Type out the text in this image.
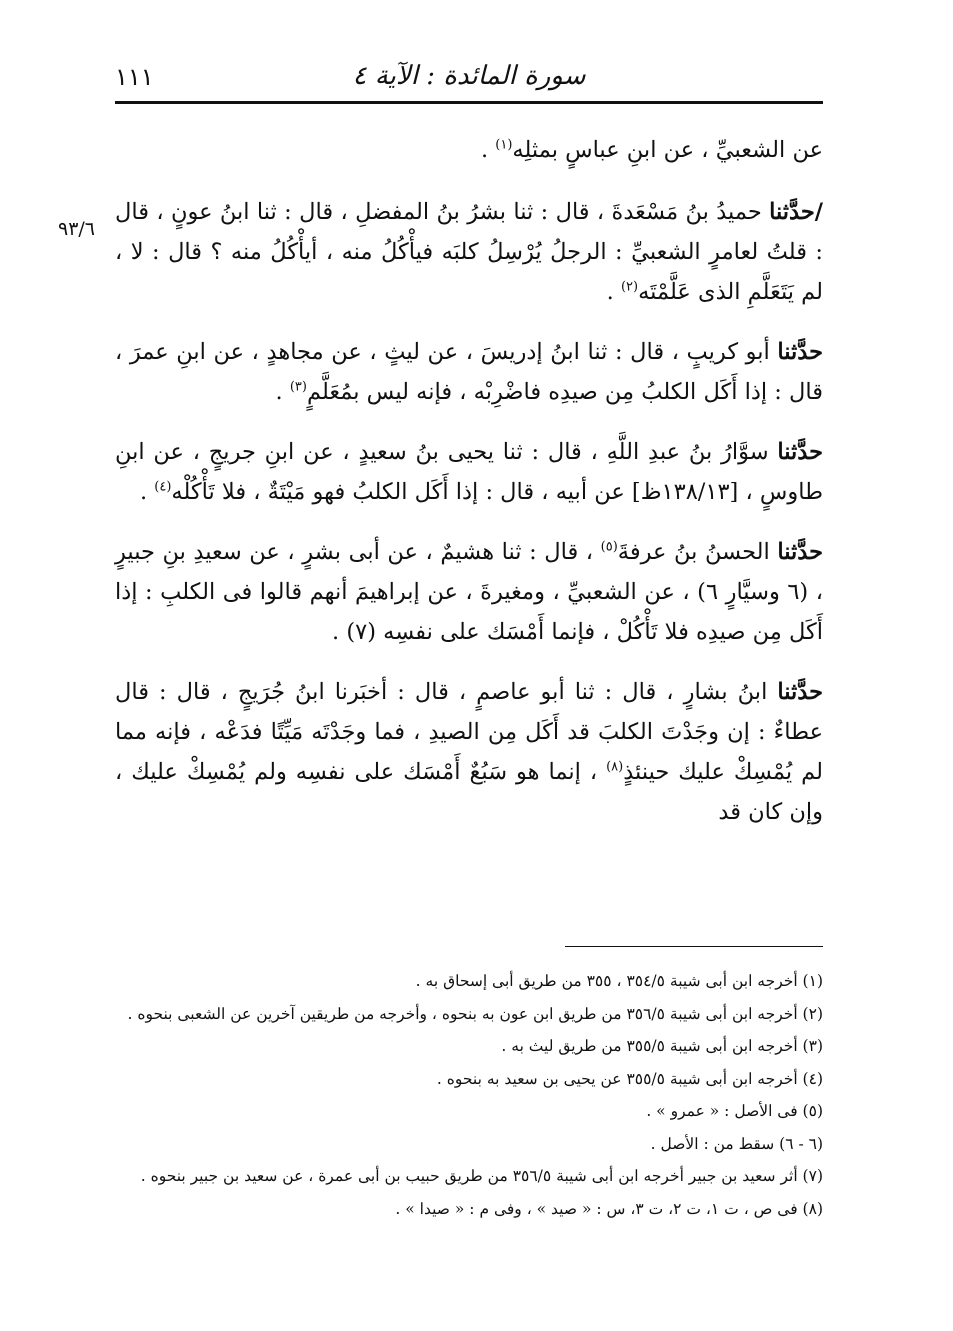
سورة المائدة : الآية ٤
١١١
٩٣/٦

عن الشعبيِّ ، عن ابنِ عباسٍ بمثلِه$^{(١)}$ .

/حدَّثنا حميدُ بنُ مَسْعَدةَ ، قال : ثنا بشرُ بنُ المفضلِ ، قال : ثنا ابنُ عونٍ ، قال : قلتُ لعامرٍ الشعبيِّ : الرجلُ يُرْسِلُ كلبَه فيأْكُلُ منه ، أيأْكُلُ منه ؟ قال : لا ، لم يَتَعَلَّمِ الذى عَلَّمْتَه$^{(٢)}$ .

حدَّثنا أبو كريبٍ ، قال : ثنا ابنُ إدريسَ ، عن ليثٍ ، عن مجاهدٍ ، عن ابنِ عمرَ ، قال : إذا أَكَل الكلبُ مِن صيدِه فاضْرِبْه ، فإنه ليس بمُعَلَّمٍ$^{(٣)}$ .

حدَّثنا سوَّارُ بنُ عبدِ اللَّهِ ، قال : ثنا يحيى بنُ سعيدٍ ، عن ابنِ جريجٍ ، عن ابنِ طاوسٍ ، [١٣٨/١٣ظ] عن أبيه ، قال : إذا أَكَل الكلبُ فهو مَيْتَةٌ ، فلا تَأْكُلْه$^{(٤)}$ .

حدَّثنا الحسنُ بنُ عرفةَ$^{(٥)}$ ، قال : ثنا هشيمٌ ، عن أبى بشرٍ ، عن سعيدِ بنِ جبيرٍ ، (٦ وسيَّارٍ ٦) ، عن الشعبيِّ ، ومغيرةَ ، عن إبراهيمَ أنهم قالوا فى الكلبِ : إذا أَكَل مِن صيدِه فلا تَأْكُلْ ، فإنما أَمْسَك على نفسِه (٧) .

حدَّثنا ابنُ بشارٍ ، قال : ثنا أبو عاصمٍ ، قال : أخبَرنا ابنُ جُرَيجٍ ، قال : قال عطاءٌ : إن وجَدْتَ الكلبَ قد أَكَل مِن الصيدِ ، فما وجَدْتَه مَيِّتًا فدَعْه ، فإنه مما لم يُمْسِكْ عليك حينئذٍ$^{(٨)}$ ، إنما هو سَبُعٌ أَمْسَك على نفسِه ولم يُمْسِكْ عليك ، وإن كان قد

(١) أخرجه ابن أبى شيبة ٣٥٤/٥ ، ٣٥٥ من طريق أبى إسحاق به .

(٢) أخرجه ابن أبى شيبة ٣٥٦/٥ من طريق ابن عون به بنحوه ، وأخرجه من طريقين آخرين عن الشعبى بنحوه .

(٣) أخرجه ابن أبى شيبة ٣٥٥/٥ من طريق ليث به .

(٤) أخرجه ابن أبى شيبة ٣٥٥/٥ عن يحيى بن سعيد به بنحوه .

(٥) فى الأصل : « عمرو » .

(٦ - ٦) سقط من : الأصل .

(٧) أثر سعيد بن جبير أخرجه ابن أبى شيبة ٣٥٦/٥ من طريق حبيب بن أبى عمرة ، عن سعيد بن جبير بنحوه .

(٨) فى ص ، ت ١، ت ٢، ت ٣، س : « صيد » ، وفى م : « صيدا » .
